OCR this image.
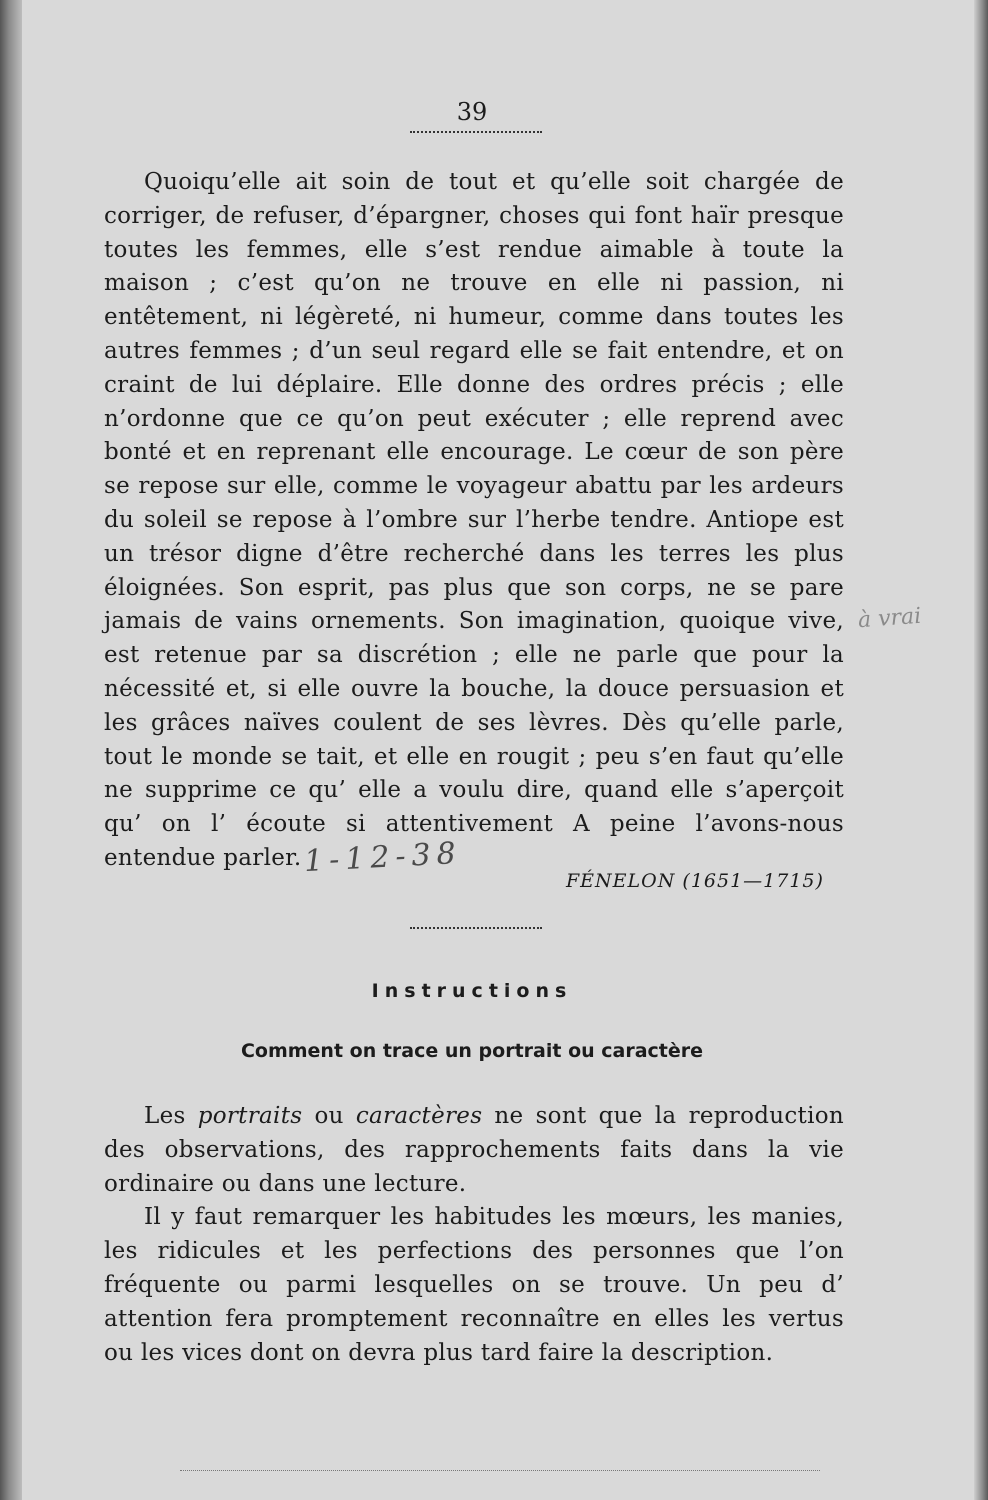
39

Quoiqu’elle ait soin de tout et qu’elle soit chargée de corriger, de refuser, d’épargner, choses qui font haïr presque toutes les femmes, elle s’est rendue aimable à toute la maison ; c’est qu’on ne trouve en elle ni passion, ni entêtement, ni légèreté, ni humeur, comme dans toutes les autres femmes ; d’un seul regard elle se fait entendre, et on craint de lui déplaire. Elle donne des ordres précis ; elle n’ordonne que ce qu’on peut exécuter ; elle reprend avec bonté et en reprenant elle encourage. Le cœur de son père se repose sur elle, comme le voyageur abattu par les ardeurs du soleil se repose à l’ombre sur l’herbe tendre. Antiope est un trésor digne d’être recherché dans les terres les plus éloignées. Son esprit, pas plus que son corps, ne se pare jamais de vains ornements. Son imagination, quoique vive, est retenue par sa discrétion ; elle ne parle que pour la nécessité et, si elle ouvre la bouche, la douce persuasion et les grâces naïves coulent de ses lèvres. Dès qu’elle parle, tout le monde se tait, et elle en rougit ; peu s’en faut qu’elle ne supprime ce qu’ elle a voulu dire, quand elle s’aperçoit qu’ on l’ écoute si attentivement A peine l’avons-nous entendue parler.

à vrai
1-12-38
FÉNELON (1651—1715)
Instructions
Comment on trace un portrait ou caractère

Les portraits ou caractères ne sont que la reproduction des observations, des rapprochements faits dans la vie ordinaire ou dans une lecture.

Il y faut remarquer les habitudes les mœurs, les manies, les ridicules et les perfections des personnes que l’on fréquente ou parmi lesquelles on se trouve. Un peu d’ attention fera promptement reconnaître en elles les vertus ou les vices dont on devra plus tard faire la description.
